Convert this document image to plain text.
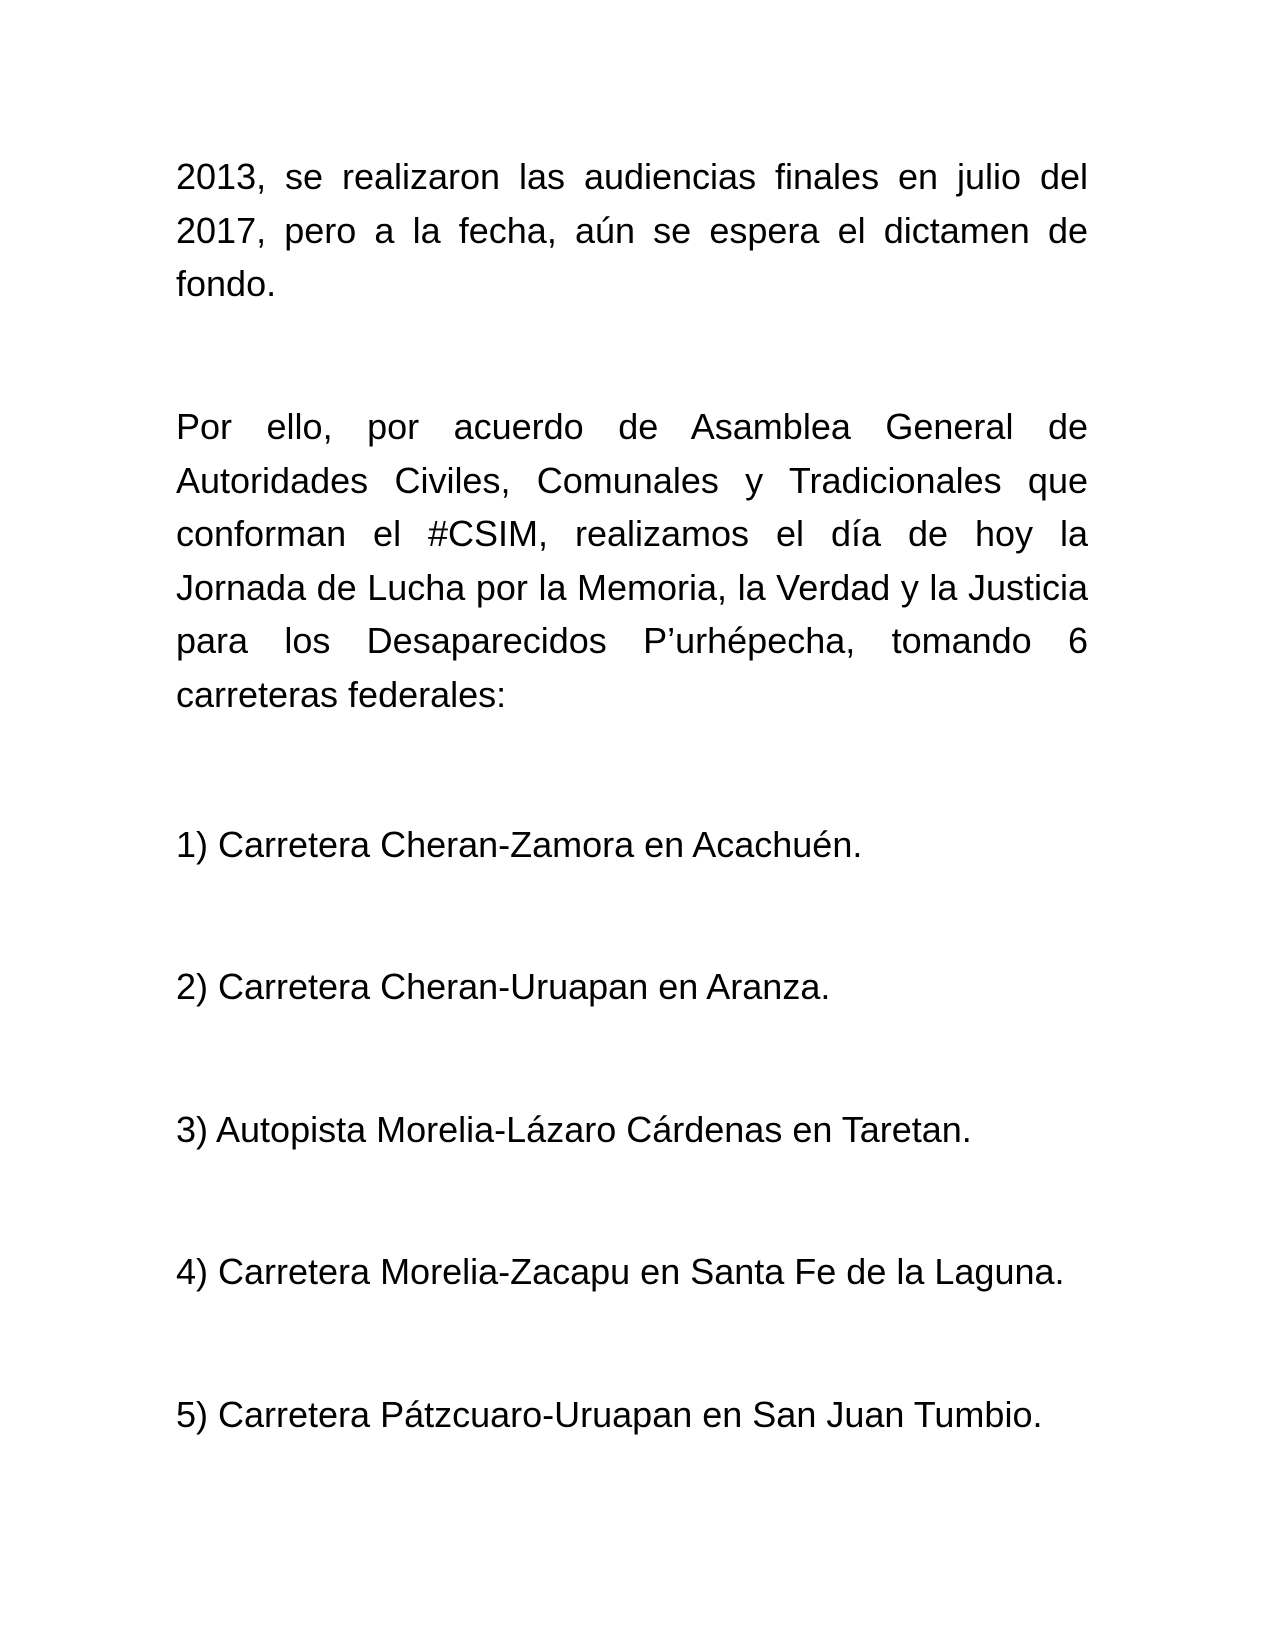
2013, se realizaron las audiencias finales en julio del 2017, pero a la fecha, aún se espera el dictamen de fondo.

Por ello, por acuerdo de Asamblea General de Autoridades Civiles, Comunales y Tradicionales que conforman el #CSIM, realizamos el día de hoy la Jornada de Lucha por la Memoria, la Verdad y la Justicia para los Desaparecidos P’urhépecha, tomando 6 carreteras federales:

1) Carretera Cheran-Zamora en Acachuén.

2) Carretera Cheran-Uruapan en Aranza.

3) Autopista Morelia-Lázaro Cárdenas en Taretan.

4) Carretera Morelia-Zacapu en Santa Fe de la Laguna.

5) Carretera Pátzcuaro-Uruapan en San Juan Tumbio.
